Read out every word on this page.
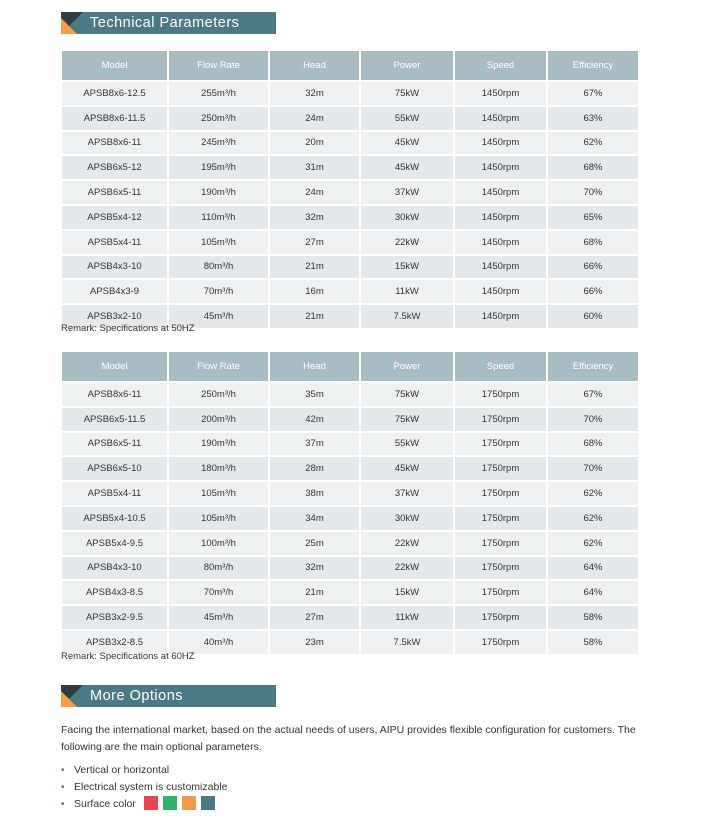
Technical Parameters
Model	Flow Rate	Head	Power	Speed	Efficiency
APSB8x6-12.5	255m³/h	32m	75kW	1450rpm	67%
APSB8x6-11.5	250m³/h	24m	55kW	1450rpm	63%
APSB8x6-11	245m³/h	20m	45kW	1450rpm	62%
APSB6x5-12	195m³/h	31m	45kW	1450rpm	68%
APSB6x5-11	190m³/h	24m	37kW	1450rpm	70%
APSB5x4-12	110m³/h	32m	30kW	1450rpm	65%
APSB5x4-11	105m³/h	27m	22kW	1450rpm	68%
APSB4x3-10	80m³/h	21m	15kW	1450rpm	66%
APSB4x3-9	70m³/h	16m	11kW	1450rpm	66%
APSB3x2-10	45m³/h	21m	7.5kW	1450rpm	60%
Remark: Specifications at 50HZ
Model	Flow Rate	Head	Power	Speed	Efficiency
APSB8x6-11	250m³/h	35m	75kW	1750rpm	67%
APSB6x5-11.5	200m³/h	42m	75kW	1750rpm	70%
APSB6x5-11	190m³/h	37m	55kW	1750rpm	68%
APSB6x5-10	180m³/h	28m	45kW	1750rpm	70%
APSB5x4-11	105m³/h	38m	37kW	1750rpm	62%
APSB5x4-10.5	105m³/h	34m	30kW	1750rpm	62%
APSB5x4-9.5	100m³/h	25m	22kW	1750rpm	62%
APSB4x3-10	80m³/h	32m	22kW	1750rpm	64%
APSB4x3-8.5	70m³/h	21m	15kW	1750rpm	64%
APSB3x2-9.5	45m³/h	27m	11kW	1750rpm	58%
APSB3x2-8.5	40m³/h	23m	7.5kW	1750rpm	58%
Remark: Specifications at 60HZ
More Options
Facing the international market, based on the actual needs of users, AIPU provides flexible configuration for customers. The following are the main optional parameters.
• Vertical or horizontal
• Electrical system is customizable
• Surface color
